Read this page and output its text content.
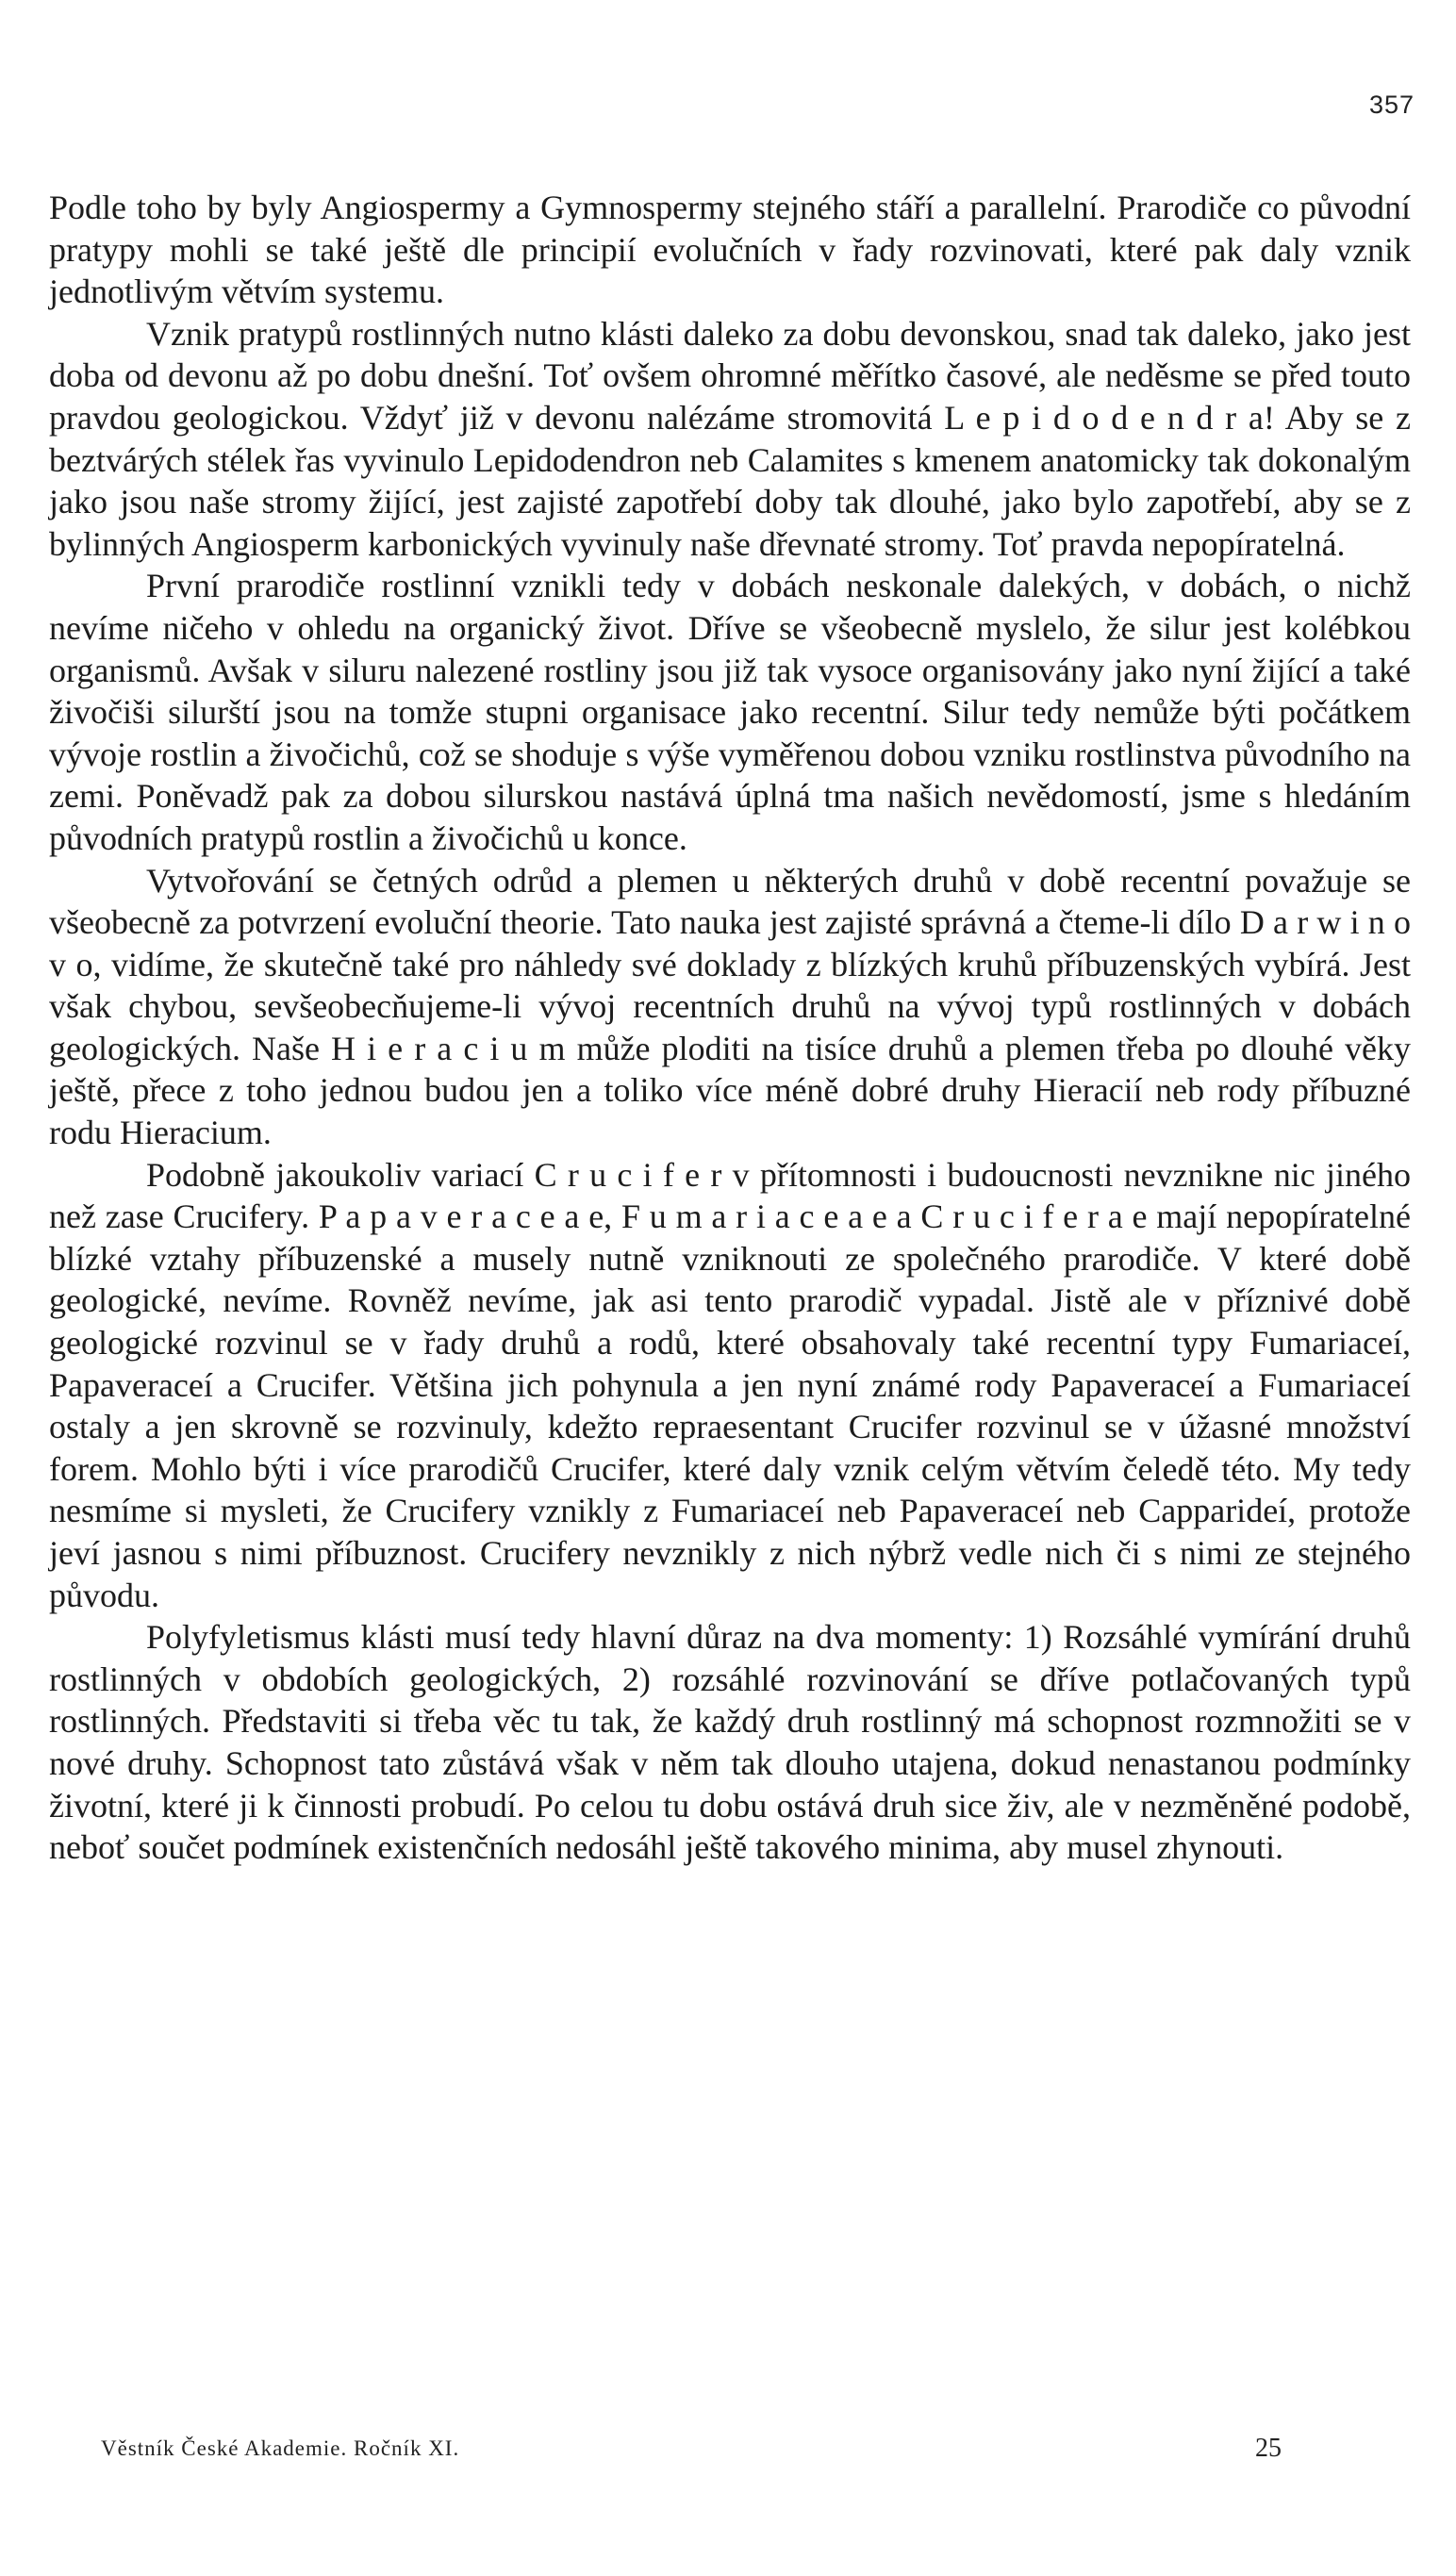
357

Podle toho by byly Angiospermy a Gymnospermy stejného stáří a parallelní. Prarodiče co původní pratypy mohli se také ještě dle principií evolučních v řady rozvinovati, které pak daly vznik jednotlivým větvím systemu.

Vznik pratypů rostlinných nutno klásti daleko za dobu devonskou, snad tak daleko, jako jest doba od devonu až po dobu dnešní. Toť ovšem ohromné měřítko časové, ale neděsme se před touto pravdou geologickou. Vždyť již v devonu nalézáme stromovitá L e p i d o d e n d r a! Aby se z beztvárých stélek řas vyvinulo Lepidodendron neb Calamites s kmenem anatomicky tak dokonalým jako jsou naše stromy žijící, jest zajisté zapotřebí doby tak dlouhé, jako bylo zapotřebí, aby se z bylinných Angiosperm karbonických vyvinuly naše dřevnaté stromy. Toť pravda nepopíratelná.

První prarodiče rostlinní vznikli tedy v dobách neskonale dalekých, v dobách, o nichž nevíme ničeho v ohledu na organický život. Dříve se všeobecně myslelo, že silur jest kolébkou organismů. Avšak v siluru nalezené rostliny jsou již tak vysoce organisovány jako nyní žijící a také živočiši silurští jsou na tomže stupni organisace jako recentní. Silur tedy nemůže býti počátkem vývoje rostlin a živočichů, což se shoduje s výše vyměřenou dobou vzniku rostlinstva původního na zemi. Poněvadž pak za dobou silurskou nastává úplná tma našich nevědomostí, jsme s hledáním původních pratypů rostlin a živočichů u konce.

Vytvořování se četných odrůd a plemen u některých druhů v době recentní považuje se všeobecně za potvrzení evoluční theorie. Tato nauka jest zajisté správná a čteme-li dílo D a r w i n o v o, vidíme, že skutečně také pro náhledy své doklady z blízkých kruhů příbuzenských vybírá. Jest však chybou, sevšeobecňujeme-li vývoj recentních druhů na vývoj typů rostlinných v dobách geologických. Naše H i e r a c i u m může ploditi na tisíce druhů a plemen třeba po dlouhé věky ještě, přece z toho jednou budou jen a toliko více méně dobré druhy Hieracií neb rody příbuzné rodu Hieracium.

Podobně jakoukoliv variací C r u c i f e r v přítomnosti i budoucnosti nevznikne nic jiného než zase Crucifery. P a p a v e r a c e a e, F u m a r i a c e a e a C r u c i f e r a e mají nepopíratelné blízké vztahy příbuzenské a musely nutně vzniknouti ze společného prarodiče. V které době geologické, nevíme. Rovněž nevíme, jak asi tento prarodič vypadal. Jistě ale v příznivé době geologické rozvinul se v řady druhů a rodů, které obsahovaly také recentní typy Fumariaceí, Papaveraceí a Crucifer. Většina jich pohynula a jen nyní známé rody Papaveraceí a Fumariaceí ostaly a jen skrovně se rozvinuly, kdežto repraesentant Crucifer rozvinul se v úžasné množství forem. Mohlo býti i více prarodičů Crucifer, které daly vznik celým větvím čeledě této. My tedy nesmíme si mysleti, že Crucifery vznikly z Fumariaceí neb Papaveraceí neb Capparideí, protože jeví jasnou s nimi příbuznost. Crucifery nevznikly z nich nýbrž vedle nich či s nimi ze stejného původu.

Polyfyletismus klásti musí tedy hlavní důraz na dva momenty: 1) Rozsáhlé vymírání druhů rostlinných v obdobích geologických, 2) rozsáhlé rozvinování se dříve potlačovaných typů rostlinných. Představiti si třeba věc tu tak, že každý druh rostlinný má schopnost rozmnožiti se v nové druhy. Schopnost tato zůstává však v něm tak dlouho utajena, dokud nenastanou podmínky životní, které ji k činnosti probudí. Po celou tu dobu ostává druh sice živ, ale v nezměněné podobě, neboť součet podmínek existenčních nedosáhl ještě takového minima, aby musel zhynouti.

Věstník České Akademie. Ročník XI.	25
